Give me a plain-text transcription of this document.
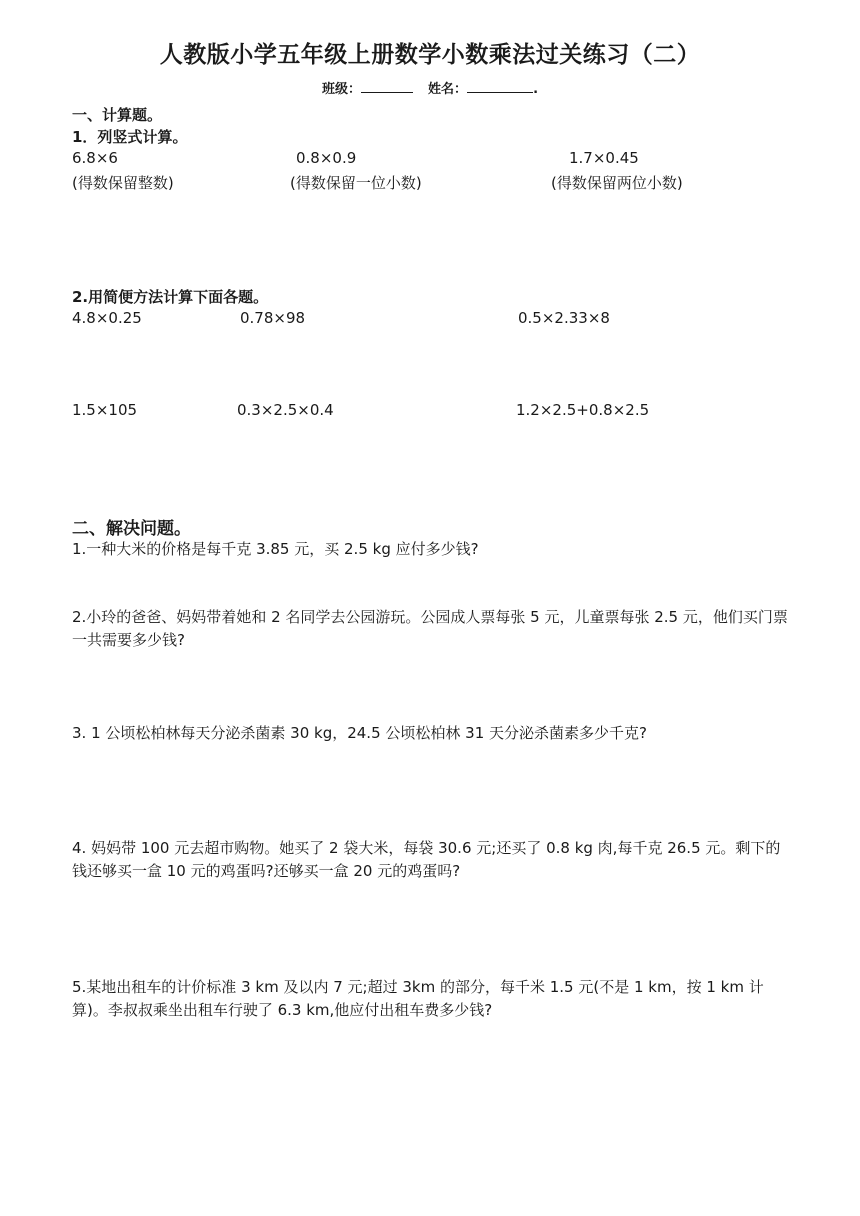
人教版小学五年级上册数学小数乘法过关练习（二）
班级：	姓名：	.
一、计算题。
1．列竖式计算。
6.8×6	0.8×0.9	1.7×0.45
(得数保留整数)	(得数保留一位小数)	(得数保留两位小数)
2.用简便方法计算下面各题。
4.8×0.25	0.78×98	0.5×2.33×8
1.5×105	0.3×2.5×0.4	1.2×2.5+0.8×2.5
二、解决问题。
1.一种大米的价格是每千克 3.85 元，买 2.5 kg 应付多少钱?
2.小玲的爸爸、妈妈带着她和 2 名同学去公园游玩。公园成人票每张 5 元，儿童票每张 2.5 元，他们买门票一共需要多少钱?
3. 1 公顷松柏林每天分泌杀菌素 30 kg，24.5 公顷松柏林 31 天分泌杀菌素多少千克?
4. 妈妈带 100 元去超市购物。她买了 2 袋大米，每袋 30.6 元;还买了 0.8 kg 肉,每千克 26.5 元。剩下的钱还够买一盒 10 元的鸡蛋吗?还够买一盒 20 元的鸡蛋吗?
5.某地出租车的计价标准 3 km 及以内 7 元;超过 3km 的部分，每千米 1.5 元(不是 1 km，按 1 km 计算)。李叔叔乘坐出租车行驶了 6.3 km,他应付出租车费多少钱?
